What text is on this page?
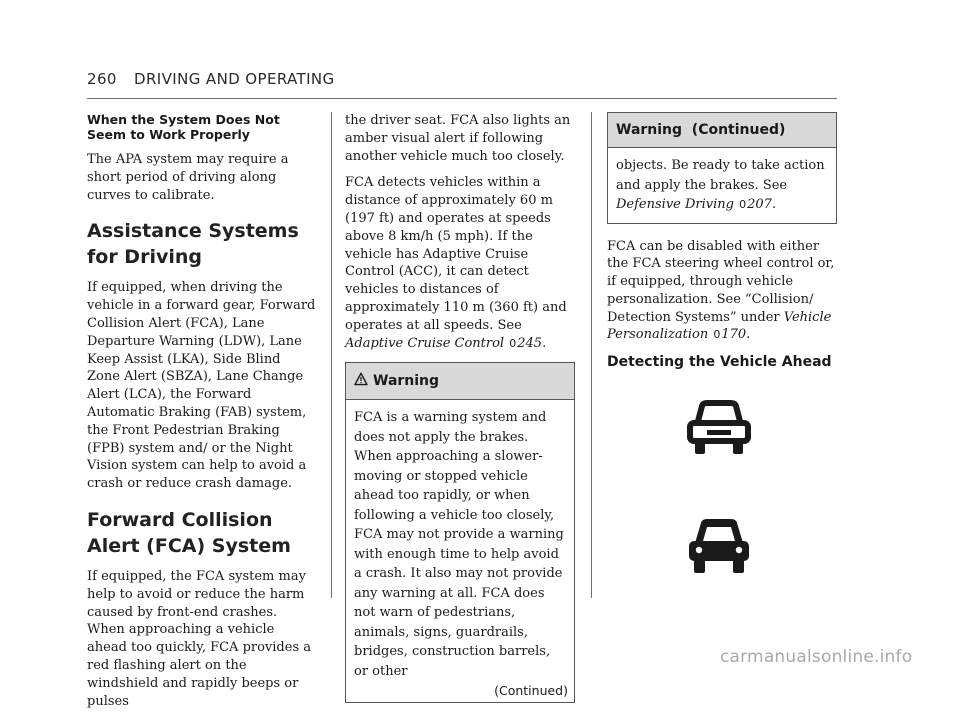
260 DRIVING AND OPERATING
When the System Does Not Seem to Work Properly

The APA system may require a short period of driving along curves to calibrate.

Assistance Systems for Driving

If equipped, when driving the vehicle in a forward gear, Forward Collision Alert (FCA), Lane Departure Warning (LDW), Lane Keep Assist (LKA), Side Blind Zone Alert (SBZA), Lane Change Alert (LCA), the Forward Automatic Braking (FAB) system, the Front Pedestrian Braking (FPB) system and/ or the Night Vision system can help to avoid a crash or reduce crash damage.

Forward Collision Alert (FCA) System

If equipped, the FCA system may help to avoid or reduce the harm caused by front-end crashes. When approaching a vehicle ahead too quickly, FCA provides a red flashing alert on the windshield and rapidly beeps or pulses

the driver seat. FCA also lights an amber visual alert if following another vehicle much too closely.

FCA detects vehicles within a distance of approximately 60 m (197 ft) and operates at speeds above 8 km/h (5 mph). If the vehicle has Adaptive Cruise Control (ACC), it can detect vehicles to distances of approximately 110 m (360 ft) and operates at all speeds. See Adaptive Cruise Control 0245.

Warning

FCA is a warning system and does not apply the brakes. When approaching a slower-moving or stopped vehicle ahead too rapidly, or when following a vehicle too closely, FCA may not provide a warning with enough time to help avoid a crash. It also may not provide any warning at all. FCA does not warn of pedestrians, animals, signs, guardrails, bridges, construction barrels, or other

(Continued)
Warning  (Continued)

objects. Be ready to take action and apply the brakes. See Defensive Driving 0207.

FCA can be disabled with either the FCA steering wheel control or, if equipped, through vehicle personalization. See “Collision/ Detection Systems” under Vehicle Personalization 0170.

Detecting the Vehicle Ahead
carmanualsonline.info
